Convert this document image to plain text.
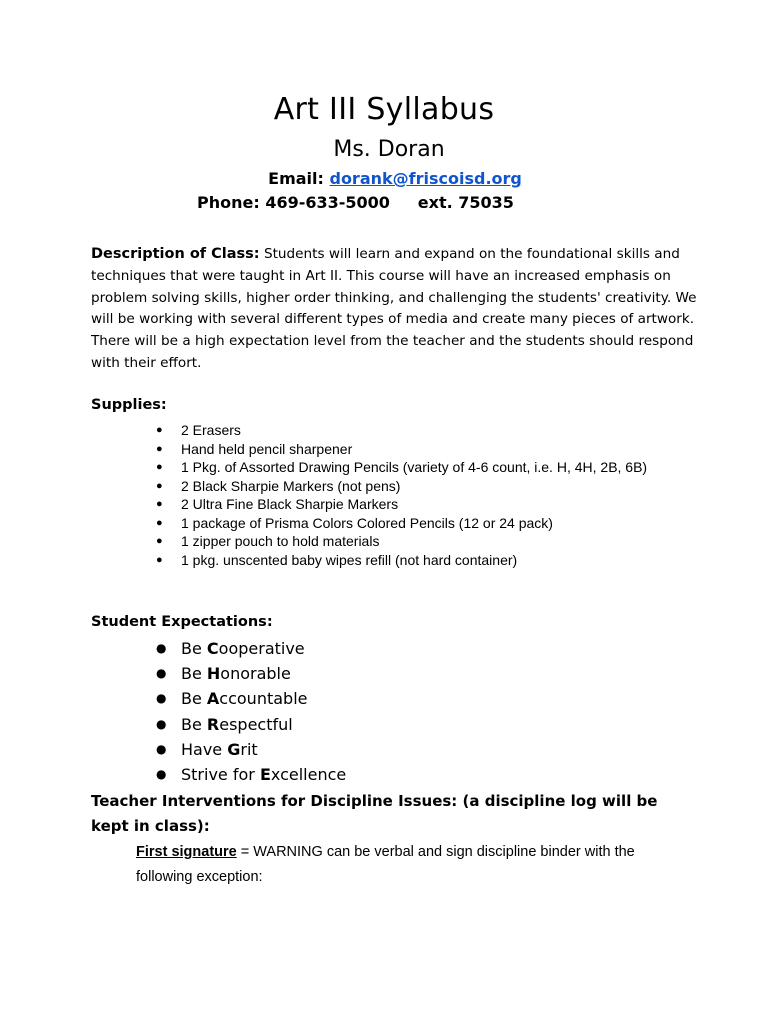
Art III Syllabus
Ms. Doran
Email: dorank@friscoisd.org
Phone: 469-633-5000 ext. 75035
Description of Class: Students will learn and expand on the foundational skills and techniques that were taught in Art II. This course will have an increased emphasis on problem solving skills, higher order thinking, and challenging the students' creativity. We will be working with several different types of media and create many pieces of artwork. There will be a high expectation level from the teacher and the students should respond with their effort.
Supplies:
● 2 Erasers
● Hand held pencil sharpener
● 1 Pkg. of Assorted Drawing Pencils (variety of 4-6 count, i.e. H, 4H, 2B, 6B)
● 2 Black Sharpie Markers (not pens)
● 2 Ultra Fine Black Sharpie Markers
● 1 package of Prisma Colors Colored Pencils (12 or 24 pack)
● 1 zipper pouch to hold materials
● 1 pkg. unscented baby wipes refill (not hard container)
Student Expectations:
● Be Cooperative
● Be Honorable
● Be Accountable
● Be Respectful
● Have Grit
● Strive for Excellence
Teacher Interventions for Discipline Issues: (a discipline log will be kept in class):
First signature = WARNING can be verbal and sign discipline binder with the following exception:
